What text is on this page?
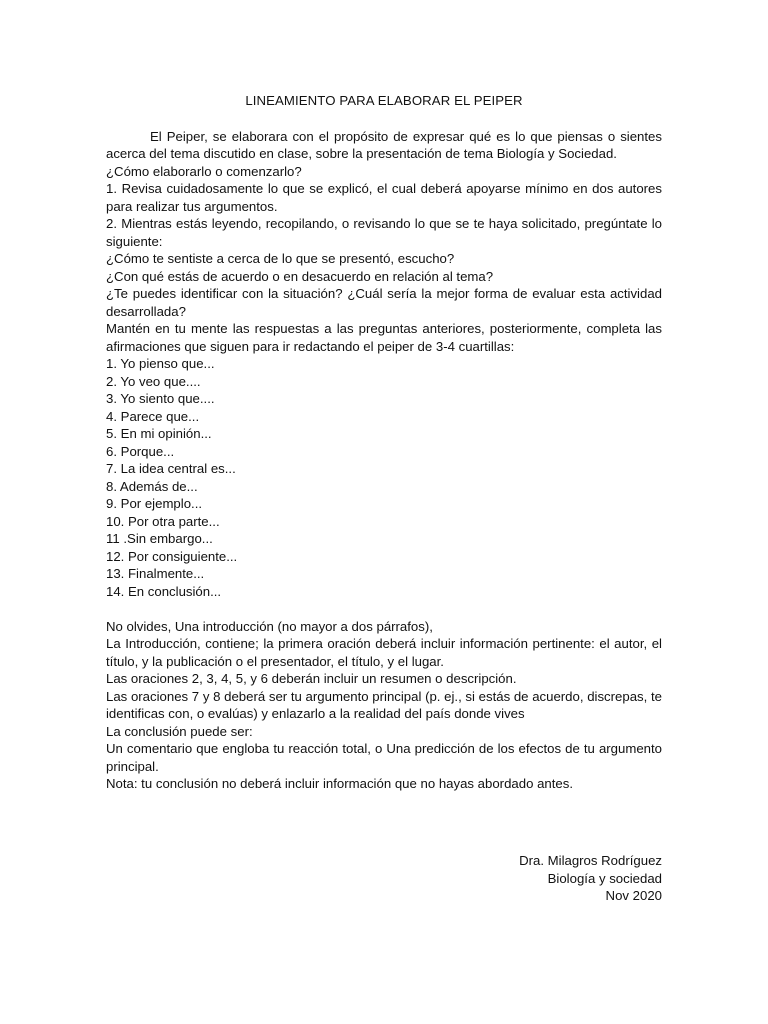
LINEAMIENTO PARA ELABORAR EL PEIPER

El Peiper, se elaborara con el propósito de expresar qué es lo que piensas o sientes acerca del tema discutido en clase, sobre la presentación de tema Biología y Sociedad.

¿Cómo elaborarlo o comenzarlo?

1. Revisa cuidadosamente lo que se explicó, el cual deberá apoyarse mínimo en dos autores para realizar tus argumentos.

2. Mientras estás leyendo, recopilando, o revisando lo que se te haya solicitado, pregúntate lo siguiente:

¿Cómo te sentiste a cerca de lo que se presentó, escucho?

¿Con qué estás de acuerdo o en desacuerdo en relación al tema?

¿Te puedes identificar con la situación? ¿Cuál sería la mejor forma de evaluar esta actividad desarrollada?

Mantén en tu mente las respuestas a las preguntas anteriores, posteriormente, completa las afirmaciones que siguen para ir redactando el peiper de 3-4 cuartillas:

1. Yo pienso que...
2. Yo veo que....
3. Yo siento que....
4. Parece que...
5. En mi opinión...
6. Porque...
7. La idea central es...
8. Además de...
9. Por ejemplo...
10. Por otra parte...
11 .Sin embargo...
12. Por consiguiente...
13. Finalmente...
14. En conclusión...

No olvides, Una introducción (no mayor a dos párrafos),

La Introducción, contiene; la primera oración deberá incluir información pertinente: el autor, el título, y la publicación o el presentador, el título, y el lugar.

Las oraciones 2, 3, 4, 5, y 6 deberán incluir un resumen o descripción.

Las oraciones 7 y 8 deberá ser tu argumento principal (p. ej., si estás de acuerdo, discrepas, te identificas con, o evalúas) y enlazarlo a la realidad del país donde vives

La conclusión puede ser:

Un comentario que engloba tu reacción total, o Una predicción de los efectos de tu argumento principal.

Nota: tu conclusión no deberá incluir información que no hayas abordado antes.

Dra. Milagros Rodríguez
Biología y sociedad
Nov 2020
